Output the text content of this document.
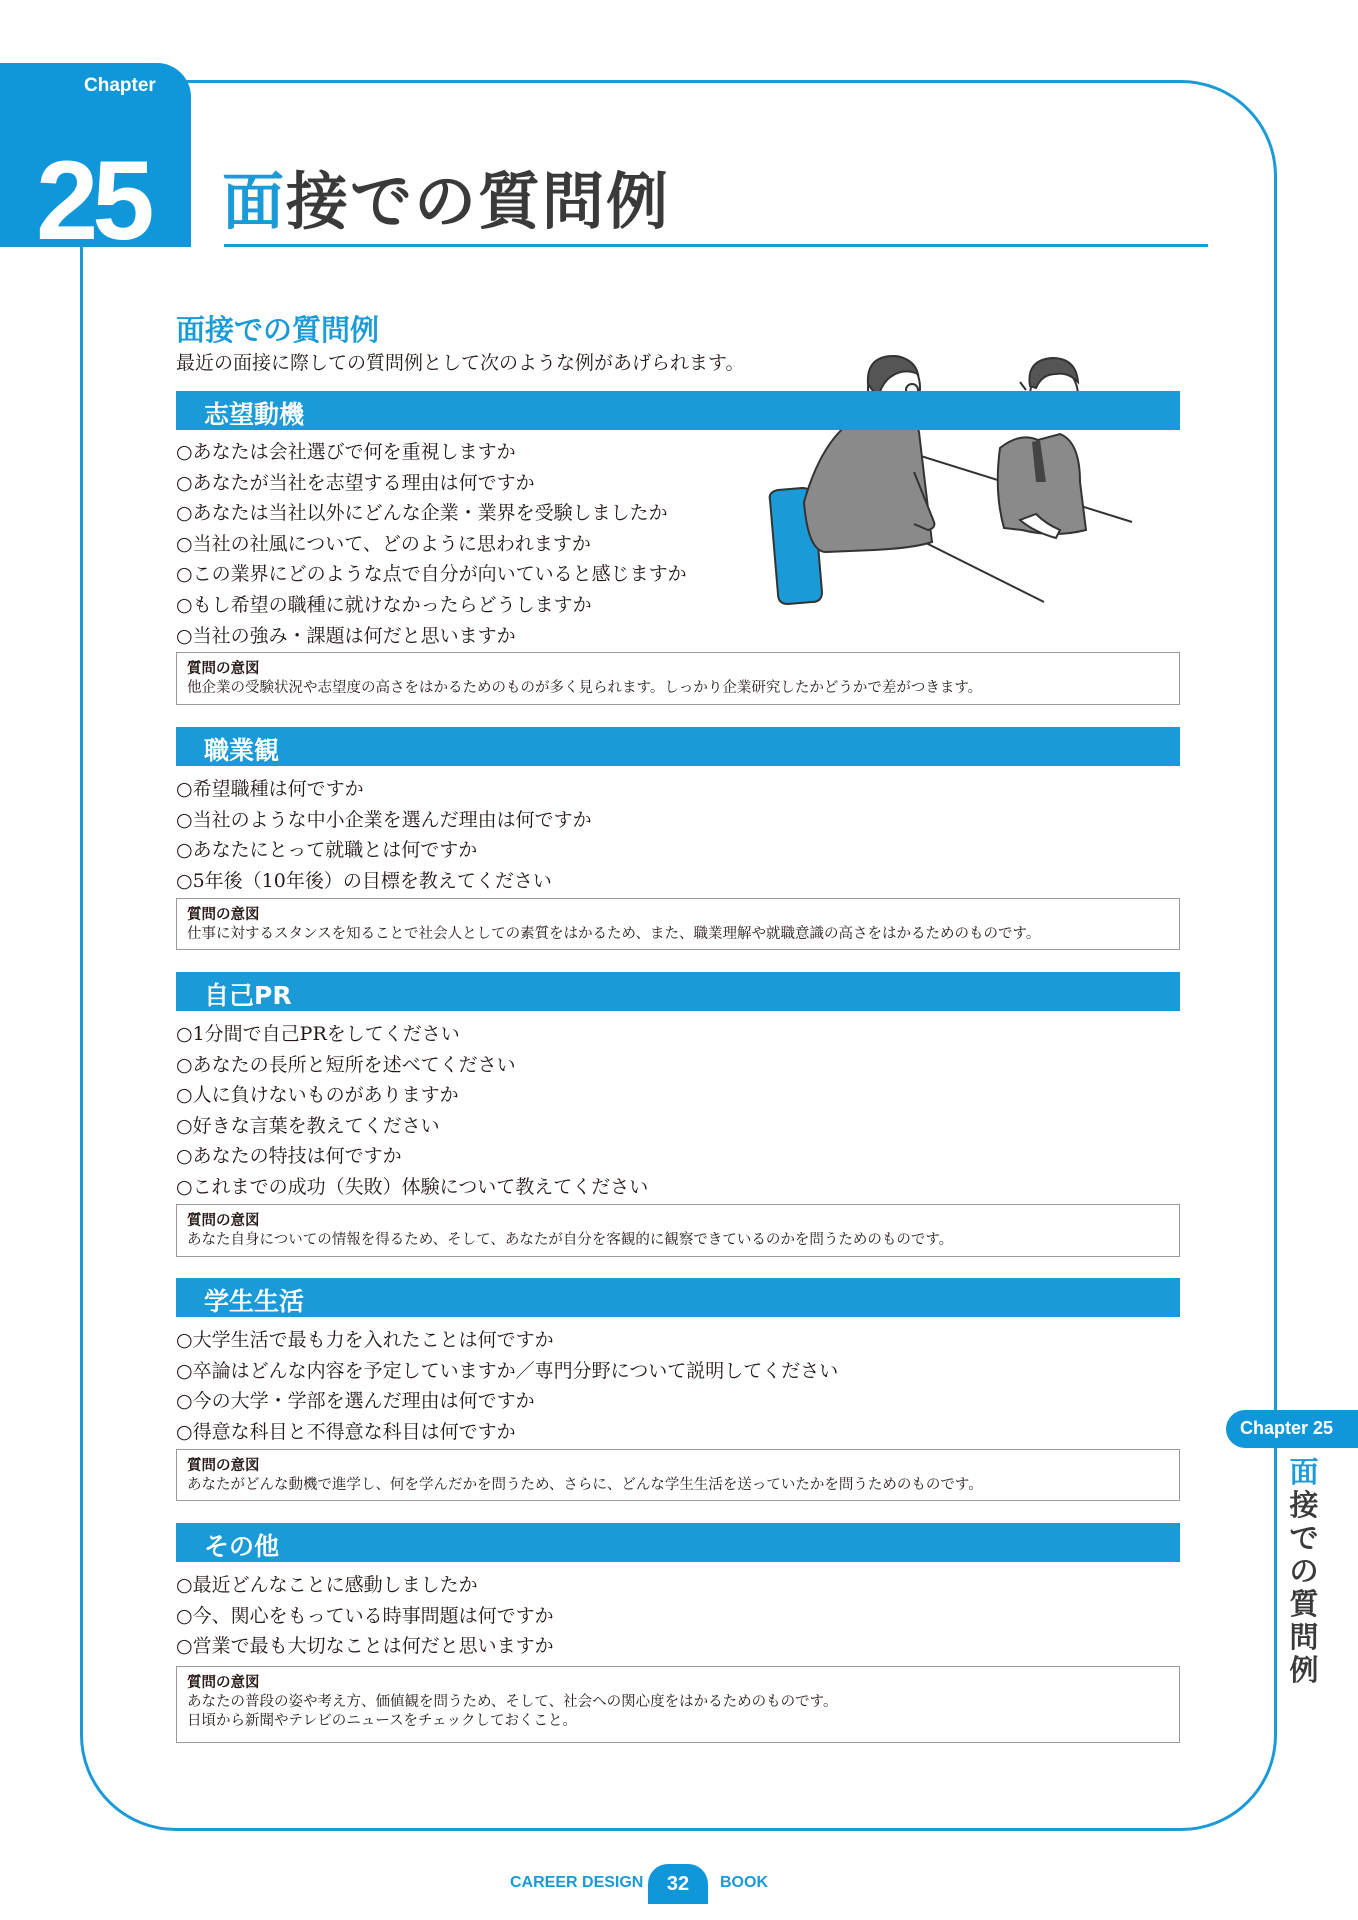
Chapter
25 面接での質問例
面接での質問例
最近の面接に際しての質問例として次のような例があげられます。
志望動機
○あなたは会社選びで何を重視しますか
○あなたが当社を志望する理由は何ですか
○あなたは当社以外にどんな企業・業界を受験しましたか
○当社の社風について、どのように思われますか
○この業界にどのような点で自分が向いていると感じますか
○もし希望の職種に就けなかったらどうしますか
○当社の強み・課題は何だと思いますか
質問の意図
他企業の受験状況や志望度の高さをはかるためのものが多く見られます。しっかり企業研究したかどうかで差がつきます。
職業観
○希望職種は何ですか
○当社のような中小企業を選んだ理由は何ですか
○あなたにとって就職とは何ですか
○5年後（10年後）の目標を教えてください
質問の意図
仕事に対するスタンスを知ることで社会人としての素質をはかるため、また、職業理解や就職意識の高さをはかるためのものです。
自己PR
○1分間で自己PRをしてください
○あなたの長所と短所を述べてください
○人に負けないものがありますか
○好きな言葉を教えてください
○あなたの特技は何ですか
○これまでの成功（失敗）体験について教えてください
質問の意図
あなた自身についての情報を得るため、そして、あなたが自分を客観的に観察できているのかを問うためのものです。
学生生活
○大学生活で最も力を入れたことは何ですか
○卒論はどんな内容を予定していますか／専門分野について説明してください
○今の大学・学部を選んだ理由は何ですか
○得意な科目と不得意な科目は何ですか
質問の意図
あなたがどんな動機で進学し、何を学んだかを問うため、さらに、どんな学生生活を送っていたかを問うためのものです。
その他
○最近どんなことに感動しましたか
○今、関心をもっている時事問題は何ですか
○営業で最も大切なことは何だと思いますか
質問の意図
あなたの普段の姿や考え方、価値観を問うため、そして、社会への関心度をはかるためのものです。
日頃から新聞やテレビのニュースをチェックしておくこと。
Chapter 25
面
接
で
の
質
問
例
CAREER DESIGN	32	BOOK
